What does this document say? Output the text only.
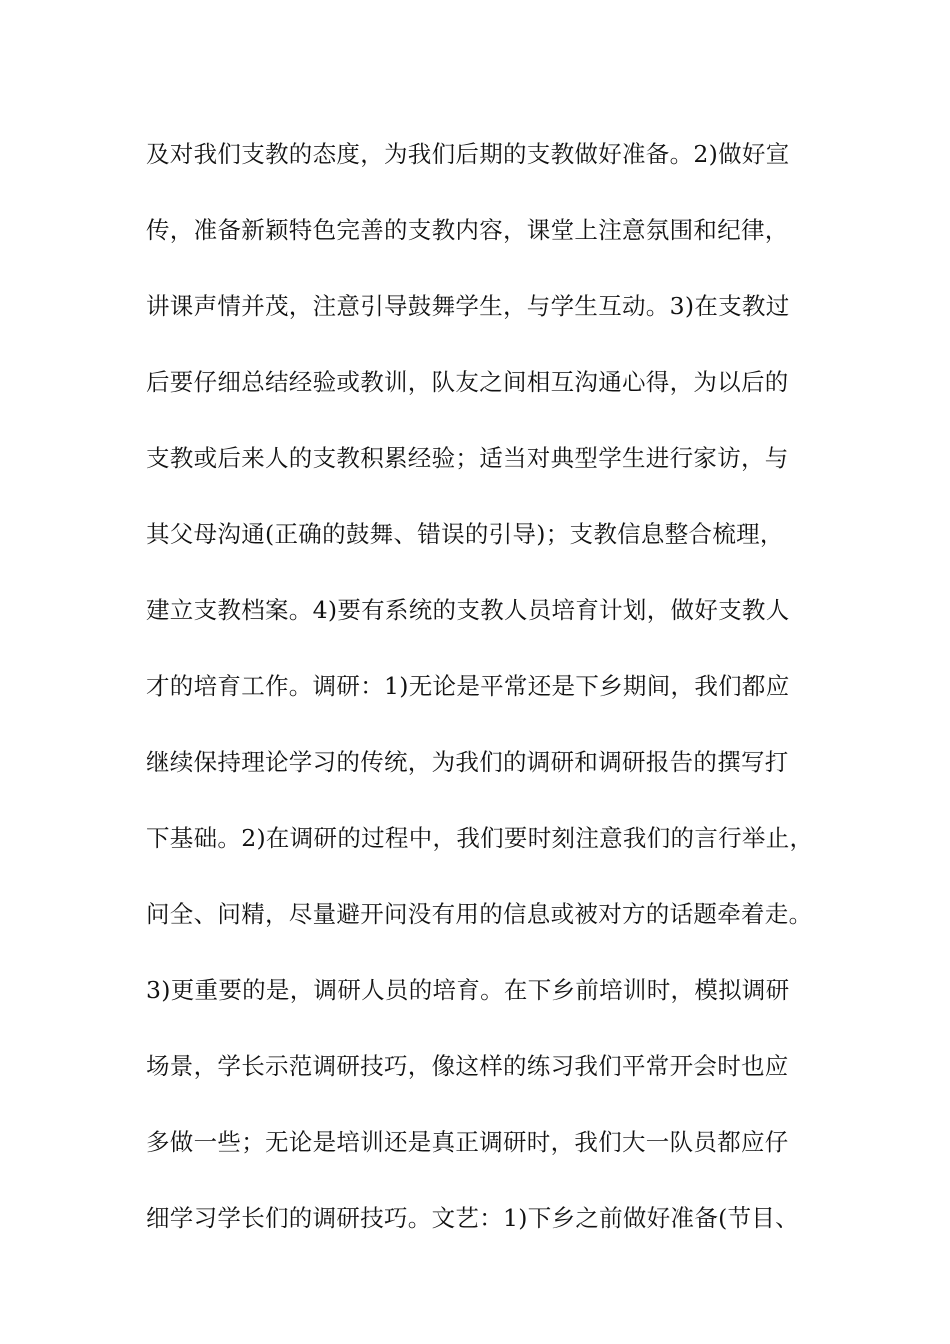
及对我们支教的态度，为我们后期的支教做好准备。2)做好宣
传，准备新颖特色完善的支教内容，课堂上注意氛围和纪律，
讲课声情并茂，注意引导鼓舞学生，与学生互动。3)在支教过
后要仔细总结经验或教训，队友之间相互沟通心得，为以后的
支教或后来人的支教积累经验；适当对典型学生进行家访，与
其父母沟通(正确的鼓舞、错误的引导)；支教信息整合梳理，
建立支教档案。4)要有系统的支教人员培育计划，做好支教人
才的培育工作。调研：1)无论是平常还是下乡期间，我们都应
继续保持理论学习的传统，为我们的调研和调研报告的撰写打
下基础。2)在调研的过程中，我们要时刻注意我们的言行举止，
问全、问精，尽量避开问没有用的信息或被对方的话题牵着走。
3)更重要的是，调研人员的培育。在下乡前培训时，模拟调研
场景，学长示范调研技巧，像这样的练习我们平常开会时也应
多做一些；无论是培训还是真正调研时，我们大一队员都应仔
细学习学长们的调研技巧。文艺：1)下乡之前做好准备(节目、
